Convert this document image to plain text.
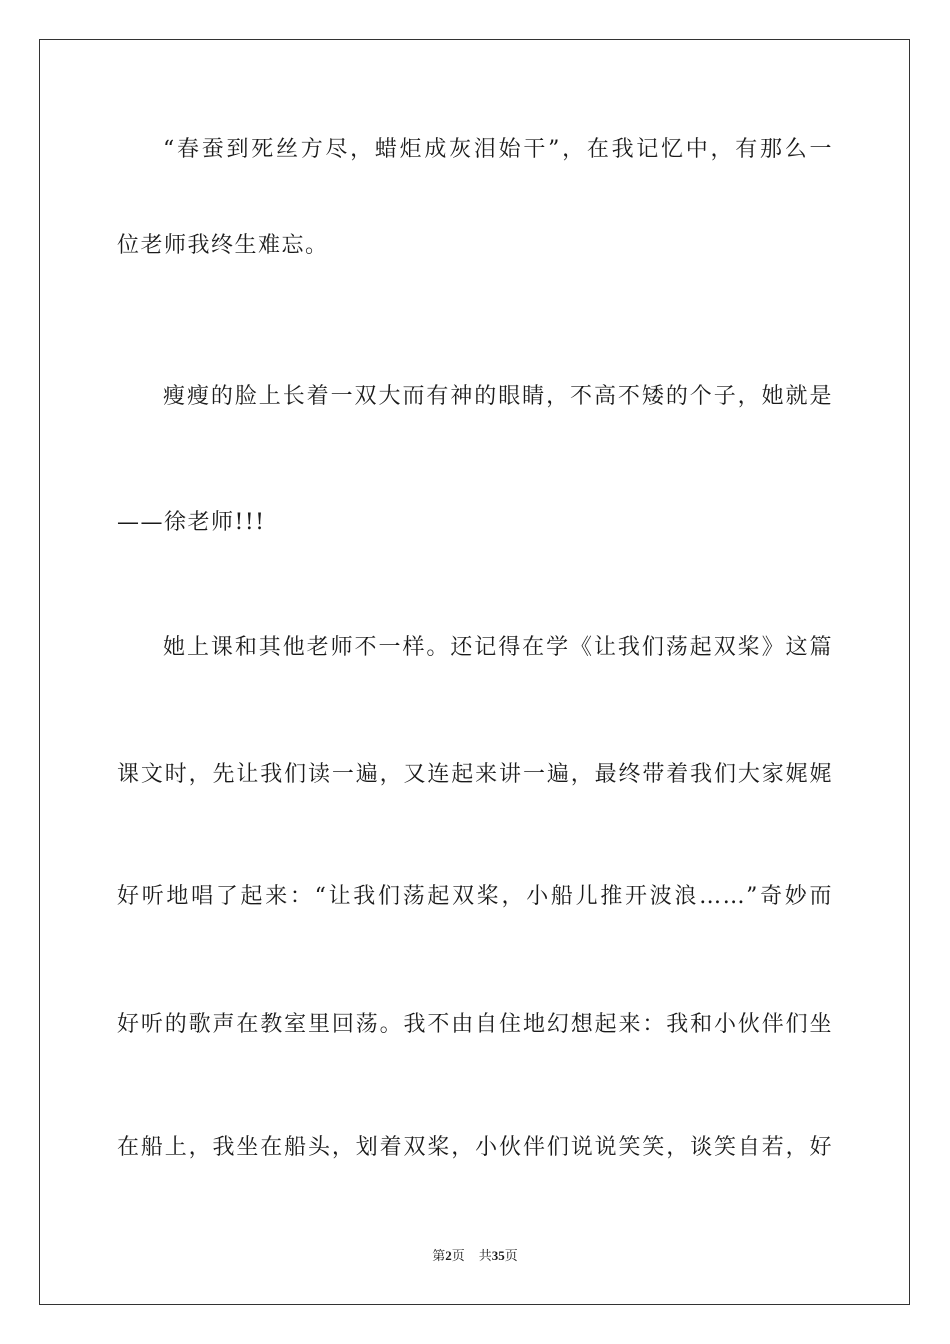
“春蚕到死丝方尽，蜡炬成灰泪始干”，在我记忆中，有那么一
位老师我终生难忘。
瘦瘦的脸上长着一双大而有神的眼睛，不高不矮的个子，她就是
——徐老师!!!
她上课和其他老师不一样。还记得在学《让我们荡起双桨》这篇
课文时，先让我们读一遍，又连起来讲一遍，最终带着我们大家娓娓
好听地唱了起来：“让我们荡起双桨，小船儿推开波浪……”奇妙而
好听的歌声在教室里回荡。我不由自住地幻想起来：我和小伙伴们坐
在船上，我坐在船头，划着双桨，小伙伴们说说笑笑，谈笑自若，好
第2页 共35页
